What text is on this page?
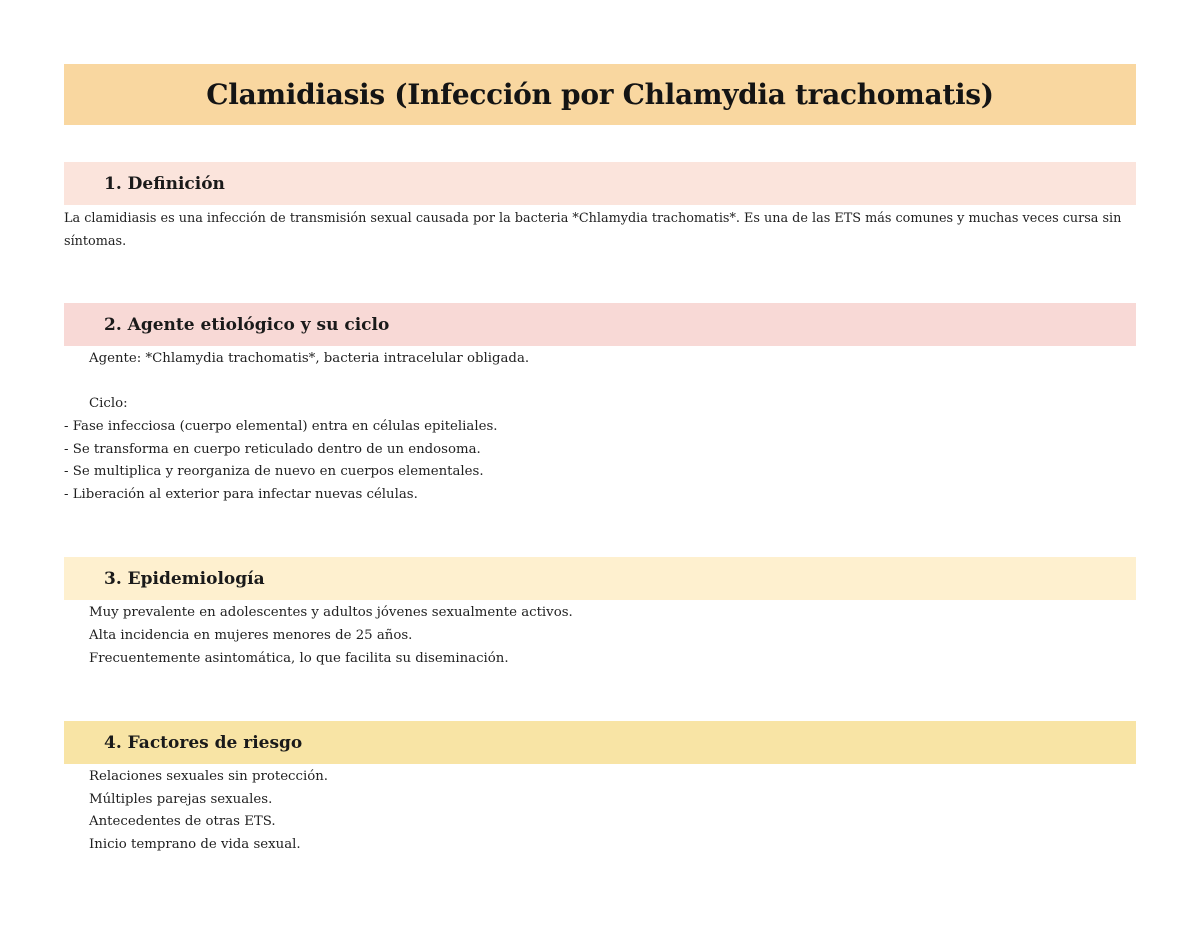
Clamidiasis (Infección por Chlamydia trachomatis)
1. Definición

La clamidiasis es una infección de transmisión sexual causada por la bacteria *Chlamydia trachomatis*. Es una de las ETS más comunes y muchas veces cursa sin síntomas.

2. Agente etiológico y su ciclo

Agente: *Chlamydia trachomatis*, bacteria intracelular obligada.

Ciclo:

- Fase infecciosa (cuerpo elemental) entra en células epiteliales.

- Se transforma en cuerpo reticulado dentro de un endosoma.

- Se multiplica y reorganiza de nuevo en cuerpos elementales.

- Liberación al exterior para infectar nuevas células.

3. Epidemiología

Muy prevalente en adolescentes y adultos jóvenes sexualmente activos.

Alta incidencia en mujeres menores de 25 años.

Frecuentemente asintomática, lo que facilita su diseminación.

4. Factores de riesgo

Relaciones sexuales sin protección.

Múltiples parejas sexuales.

Antecedentes de otras ETS.

Inicio temprano de vida sexual.
